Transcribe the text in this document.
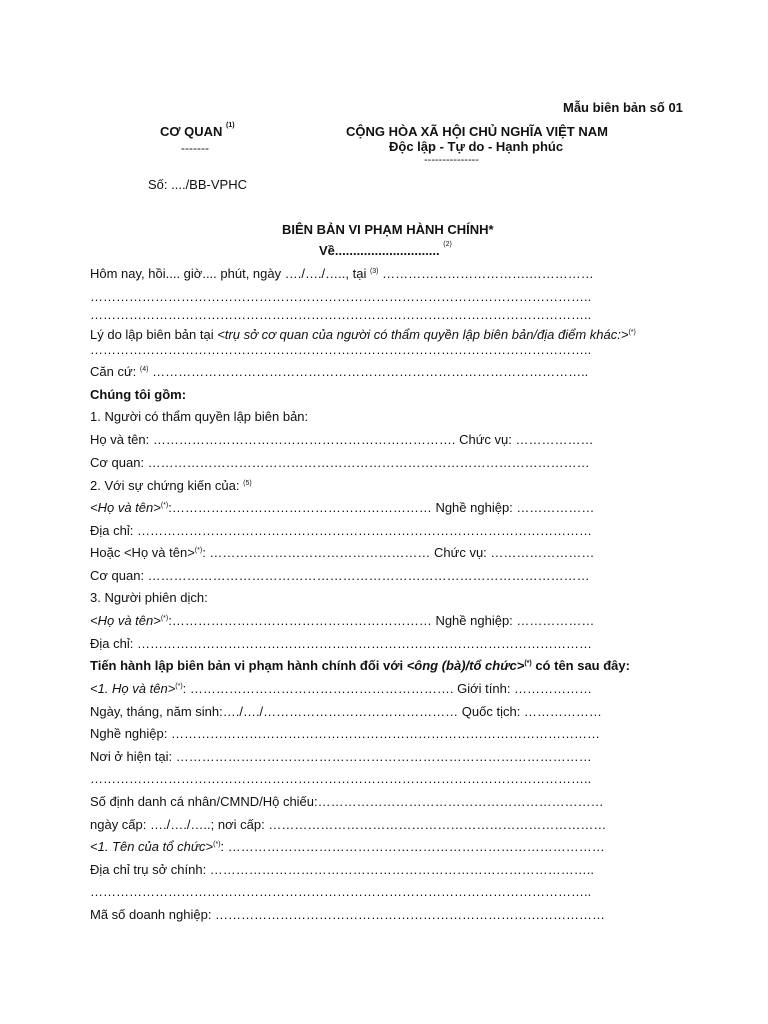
Mẫu biên bản số 01
CƠ QUAN $^{(1)}$
-------
CỘNG HÒA XÃ HỘI CHỦ NGHĨA VIỆT NAM
Độc lập - Tự do - Hạnh phúc
---------------
Số: ..../BB-VPHC
BIÊN BẢN VI PHẠM HÀNH CHÍNH*
Về............................. $^{(2)}$
Hôm nay, hồi.... giờ.... phút, ngày …./…./….., tại $^{(3)}$ …………………………….……………
……………………………………………………………………………………………………..
……………………………………………………………………………………………………..
Lý do lập biên bản tại <trụ sở cơ quan của người có thẩm quyền lập biên bản/địa điểm khác:>(*)
……………………………………………………………………………………………………..
Căn cứ: $^{(4)}$ ………………………………………………………………………………………..
Chúng tôi gồm:
1. Người có thẩm quyền lập biên bản:
Họ và tên: ……………………………………………………………. Chức vụ: ………………
Cơ quan: …………………………………………………………………………………………
2. Với sự chứng kiến của: $^{(5)}$
<Họ và tên>(*):…………………………………………………… Nghề nghiệp: ………………
Địa chỉ: ……………………………………………………………………………………………
Hoặc <Họ và tên>(*): …………………………………………… Chức vụ: ……………………
Cơ quan: …………………………………………………………………………………………
3. Người phiên dịch:
<Họ và tên>(*):…………………………………………………… Nghề nghiệp: ………………
Địa chỉ: ……………………………………………………………………………………………
Tiến hành lập biên bản vi phạm hành chính đối với <ông (bà)/tổ chức>(*) có tên sau đây:
<1. Họ và tên>(*): ……………………………………………………. Giới tính: ………………
Ngày, tháng, năm sinh:…./…./……………………………………… Quốc tịch: ………………
Nghề nghiệp: ………………………………………………………………………………………
Nơi ở hiện tại: ……………………………………………………………………………………
……………………………………………………………………………………………………..
Số định danh cá nhân/CMND/Hộ chiếu:…………………………………………………………
ngày cấp: …./…./…..; nơi cấp: ……………………………………………………………………
<1. Tên của tổ chức>(*): ……………………………………………………………………………
Địa chỉ trụ sở chính: ……………………………………………………………………………..
……………………………………………………………………………………………………..
Mã số doanh nghiệp: ………………………………………………………………………………
